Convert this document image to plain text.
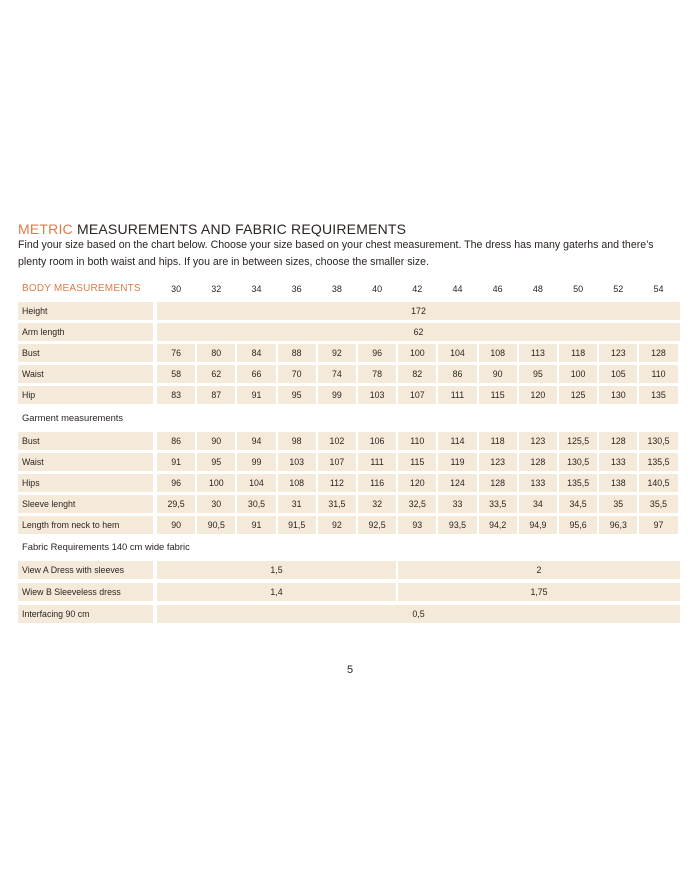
METRIC MEASUREMENTS AND FABRIC REQUIREMENTS
Find your size based on the chart below. Choose your size based on your chest measurement. The dress has many gaterhs and there’s
plenty room in both waist and hips. If you are in between sizes, choose the smaller size.
BODY MEASUREMENTS	30	32	34	36	38	40	42	44	46	48	50	52	54
Height	172
Arm length	62
Bust	76	80	84	88	92	96	100	104	108	113	118	123	128
Waist	58	62	66	70	74	78	82	86	90	95	100	105	110
Hip	83	87	91	95	99	103	107	111	115	120	125	130	135
Garment measurements
Bust	86	90	94	98	102	106	110	114	118	123	125,5	128	130,5
Waist	91	95	99	103	107	111	115	119	123	128	130,5	133	135,5
Hips	96	100	104	108	112	116	120	124	128	133	135,5	138	140,5
Sleeve lenght	29,5	30	30,5	31	31,5	32	32,5	33	33,5	34	34,5	35	35,5
Length from neck to hem	90	90,5	91	91,5	92	92,5	93	93,5	94,2	94,9	95,6	96,3	97
Fabric Requirements 140 cm wide fabric
View A Dress with sleeves	1,5	2
Wiew B Sleeveless dress	1,4	1,75
Interfacing 90 cm	0,5
5
